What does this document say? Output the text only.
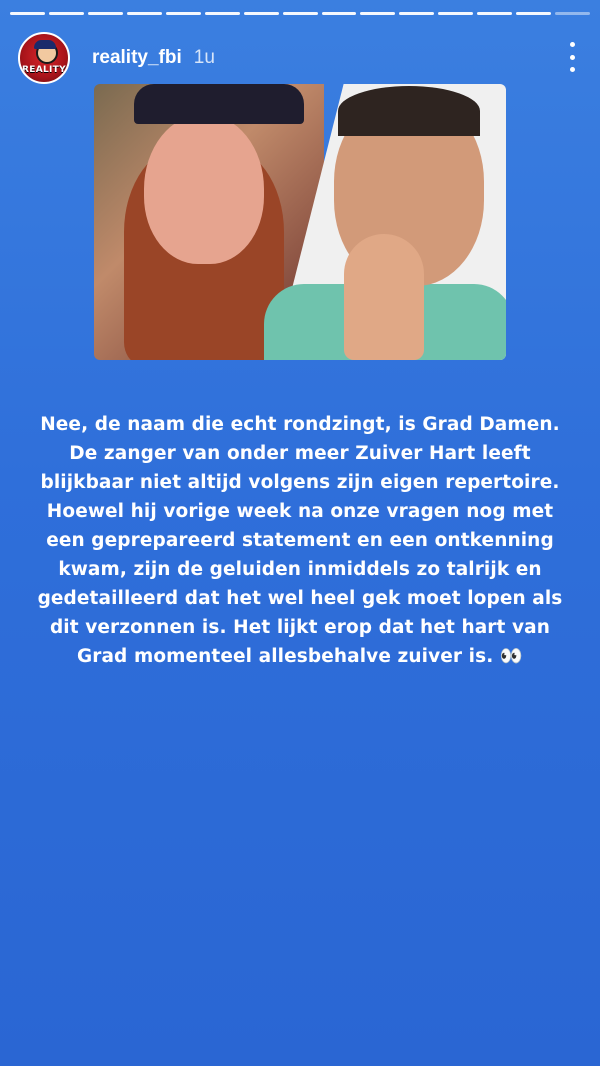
REALITY
reality_fbi 1u
Nee, de naam die echt rondzingt, is Grad Damen.
De zanger van onder meer Zuiver Hart leeft
blijkbaar niet altijd volgens zijn eigen repertoire.
Hoewel hij vorige week na onze vragen nog met
een geprepareerd statement en een ontkenning
kwam, zijn de geluiden inmiddels zo talrijk en
gedetailleerd dat het wel heel gek moet lopen als
dit verzonnen is. Het lijkt erop dat het hart van
Grad momenteel allesbehalve zuiver is. 👀
